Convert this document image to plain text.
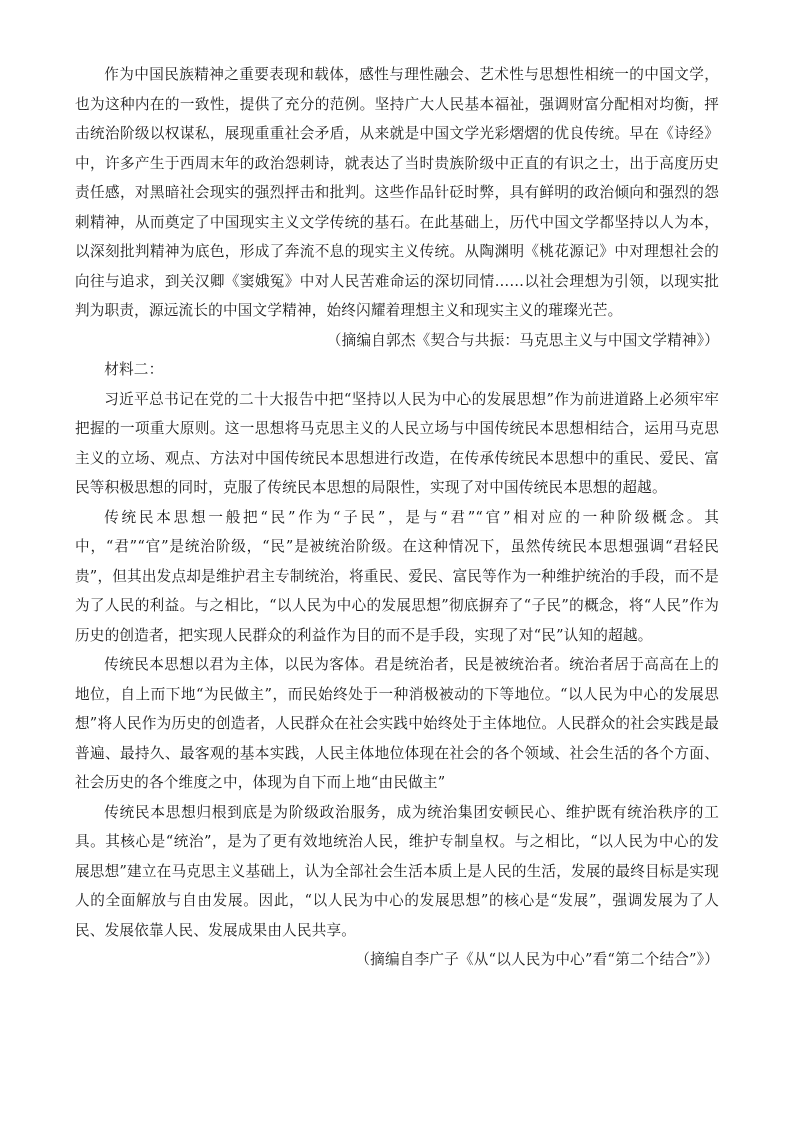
作为中国民族精神之重要表现和载体，感性与理性融会、艺术性与思想性相统一的中国文学，也为这种内在的一致性，提供了充分的范例。坚持广大人民基本福祉，强调财富分配相对均衡，抨击统治阶级以权谋私，展现重重社会矛盾，从来就是中国文学光彩熠熠的优良传统。早在《诗经》中，许多产生于西周末年的政治怨刺诗，就表达了当时贵族阶级中正直的有识之士，出于高度历史责任感，对黑暗社会现实的强烈抨击和批判。这些作品针砭时弊，具有鲜明的政治倾向和强烈的怨刺精神，从而奠定了中国现实主义文学传统的基石。在此基础上，历代中国文学都坚持以人为本，以深刻批判精神为底色，形成了奔流不息的现实主义传统。从陶渊明《桃花源记》中对理想社会的向往与追求，到关汉卿《窦娥冤》中对人民苦难命运的深切同情……以社会理想为引领，以现实批判为职责，源远流长的中国文学精神，始终闪耀着理想主义和现实主义的璀璨光芒。

（摘编自郭杰《契合与共振：马克思主义与中国文学精神》）

材料二：

习近平总书记在党的二十大报告中把“坚持以人民为中心的发展思想”作为前进道路上必须牢牢把握的一项重大原则。这一思想将马克思主义的人民立场与中国传统民本思想相结合，运用马克思主义的立场、观点、方法对中国传统民本思想进行改造，在传承传统民本思想中的重民、爱民、富民等积极思想的同时，克服了传统民本思想的局限性，实现了对中国传统民本思想的超越。

传统民本思想一般把“民”作为“子民”，是与“君”“官”相对应的一种阶级概念。其中，“君”“官”是统治阶级，“民”是被统治阶级。在这种情况下，虽然传统民本思想强调“君轻民贵”，但其出发点却是维护君主专制统治，将重民、爱民、富民等作为一种维护统治的手段，而不是为了人民的利益。与之相比，“以人民为中心的发展思想”彻底摒弃了“子民”的概念，将“人民”作为历史的创造者，把实现人民群众的利益作为目的而不是手段，实现了对“民”认知的超越。

传统民本思想以君为主体，以民为客体。君是统治者，民是被统治者。统治者居于高高在上的地位，自上而下地“为民做主”，而民始终处于一种消极被动的下等地位。“以人民为中心的发展思想”将人民作为历史的创造者，人民群众在社会实践中始终处于主体地位。人民群众的社会实践是最普遍、最持久、最客观的基本实践，人民主体地位体现在社会的各个领域、社会生活的各个方面、社会历史的各个维度之中，体现为自下而上地“由民做主”

传统民本思想归根到底是为阶级政治服务，成为统治集团安顿民心、维护既有统治秩序的工具。其核心是“统治”，是为了更有效地统治人民，维护专制皇权。与之相比，“以人民为中心的发展思想”建立在马克思主义基础上，认为全部社会生活本质上是人民的生活，发展的最终目标是实现人的全面解放与自由发展。因此，“以人民为中心的发展思想”的核心是“发展”，强调发展为了人民、发展依靠人民、发展成果由人民共享。

（摘编自李广子《从“以人民为中心”看“第二个结合”》）
